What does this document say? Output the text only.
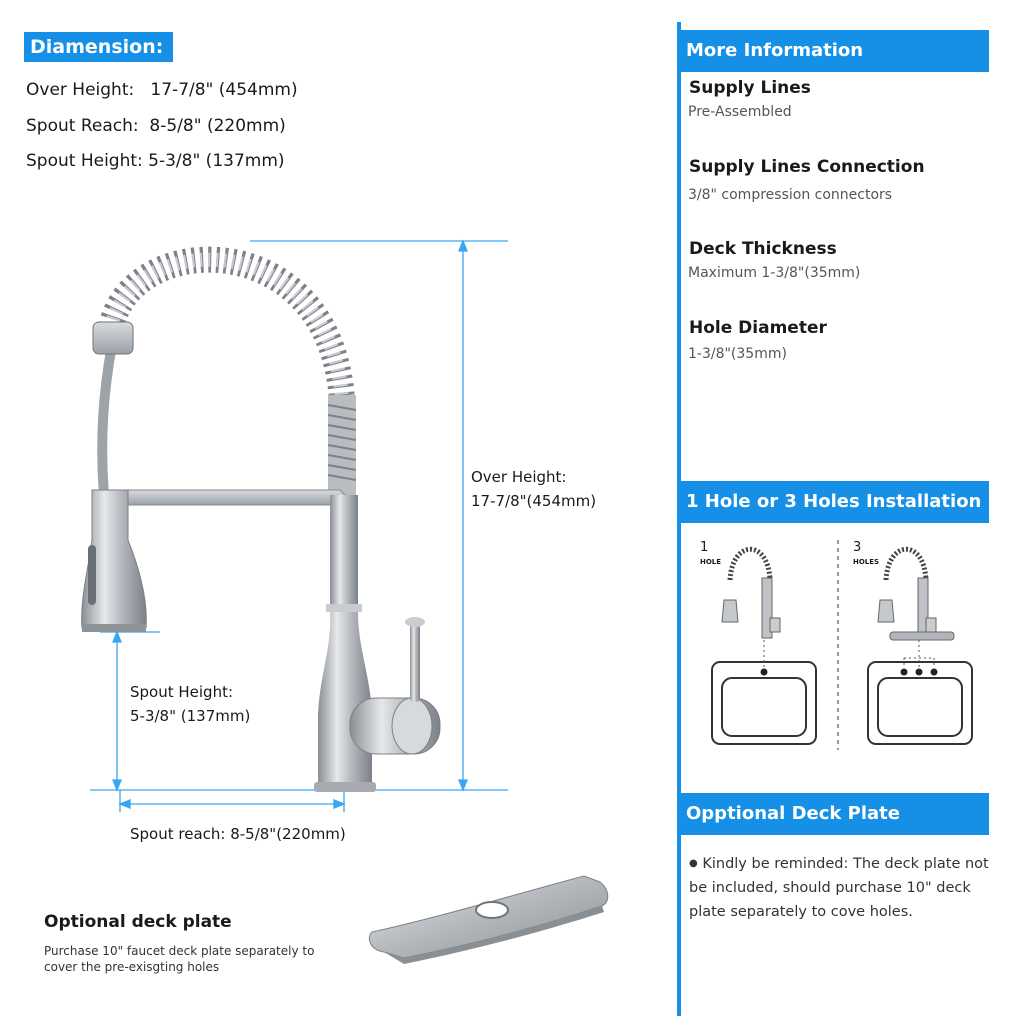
Diamension:
Over Height:   17-7/8" (454mm)
Spout Reach:  8-5/8" (220mm)
Spout Height: 5-3/8" (137mm)
Over Height:
17-7/8"(454mm)
Spout Height:
5-3/8" (137mm)
Spout reach: 8-5/8"(220mm)
Optional deck plate
Purchase 10" faucet deck plate separately to cover the pre-exisgting holes
More Information
Supply Lines
Pre-Assembled
Supply Lines Connection
3/8" compression connectors
Deck Thickness
Maximum 1-3/8"(35mm)
Hole Diameter
1-3/8"(35mm)
1 Hole or 3 Holes Installation
1
HOLE
3
HOLES
Opptional Deck Plate
● Kindly be reminded: The deck plate not be included, should purchase 10" deck plate separately to cove holes.
